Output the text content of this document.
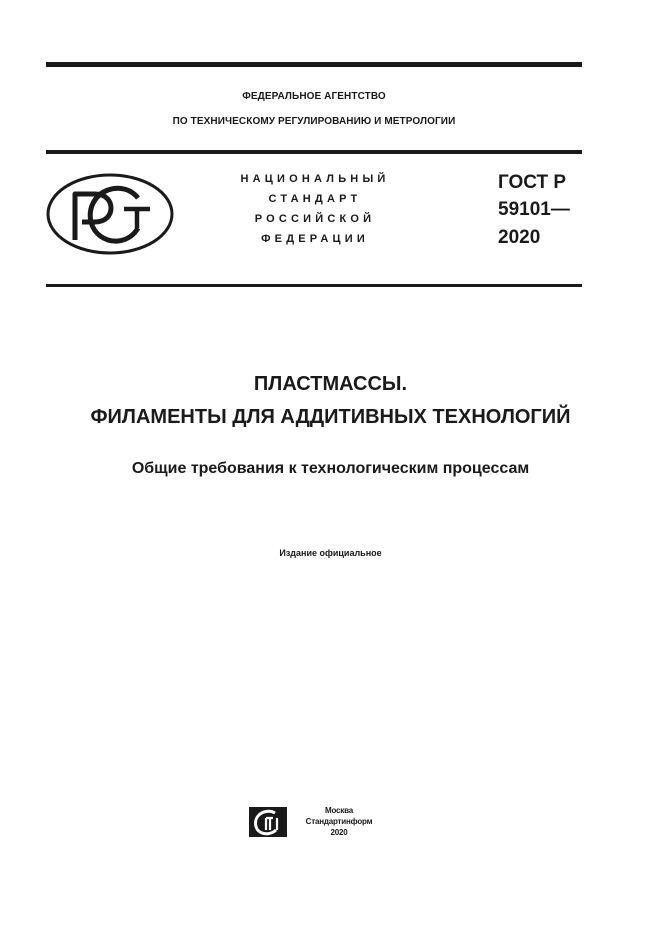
ФЕДЕРАЛЬНОЕ АГЕНТСТВО
ПО ТЕХНИЧЕСКОМУ РЕГУЛИРОВАНИЮ И МЕТРОЛОГИИ
НАЦИОНАЛЬНЫЙ
СТАНДАРТ
РОССИЙСКОЙ
ФЕДЕРАЦИИ
ГОСТ Р
59101—
2020
ПЛАСТМАССЫ.
ФИЛАМЕНТЫ ДЛЯ АДДИТИВНЫХ ТЕХНОЛОГИЙ
Общие требования к технологическим процессам
Издание официальное
Москва
Стандартинформ
2020
